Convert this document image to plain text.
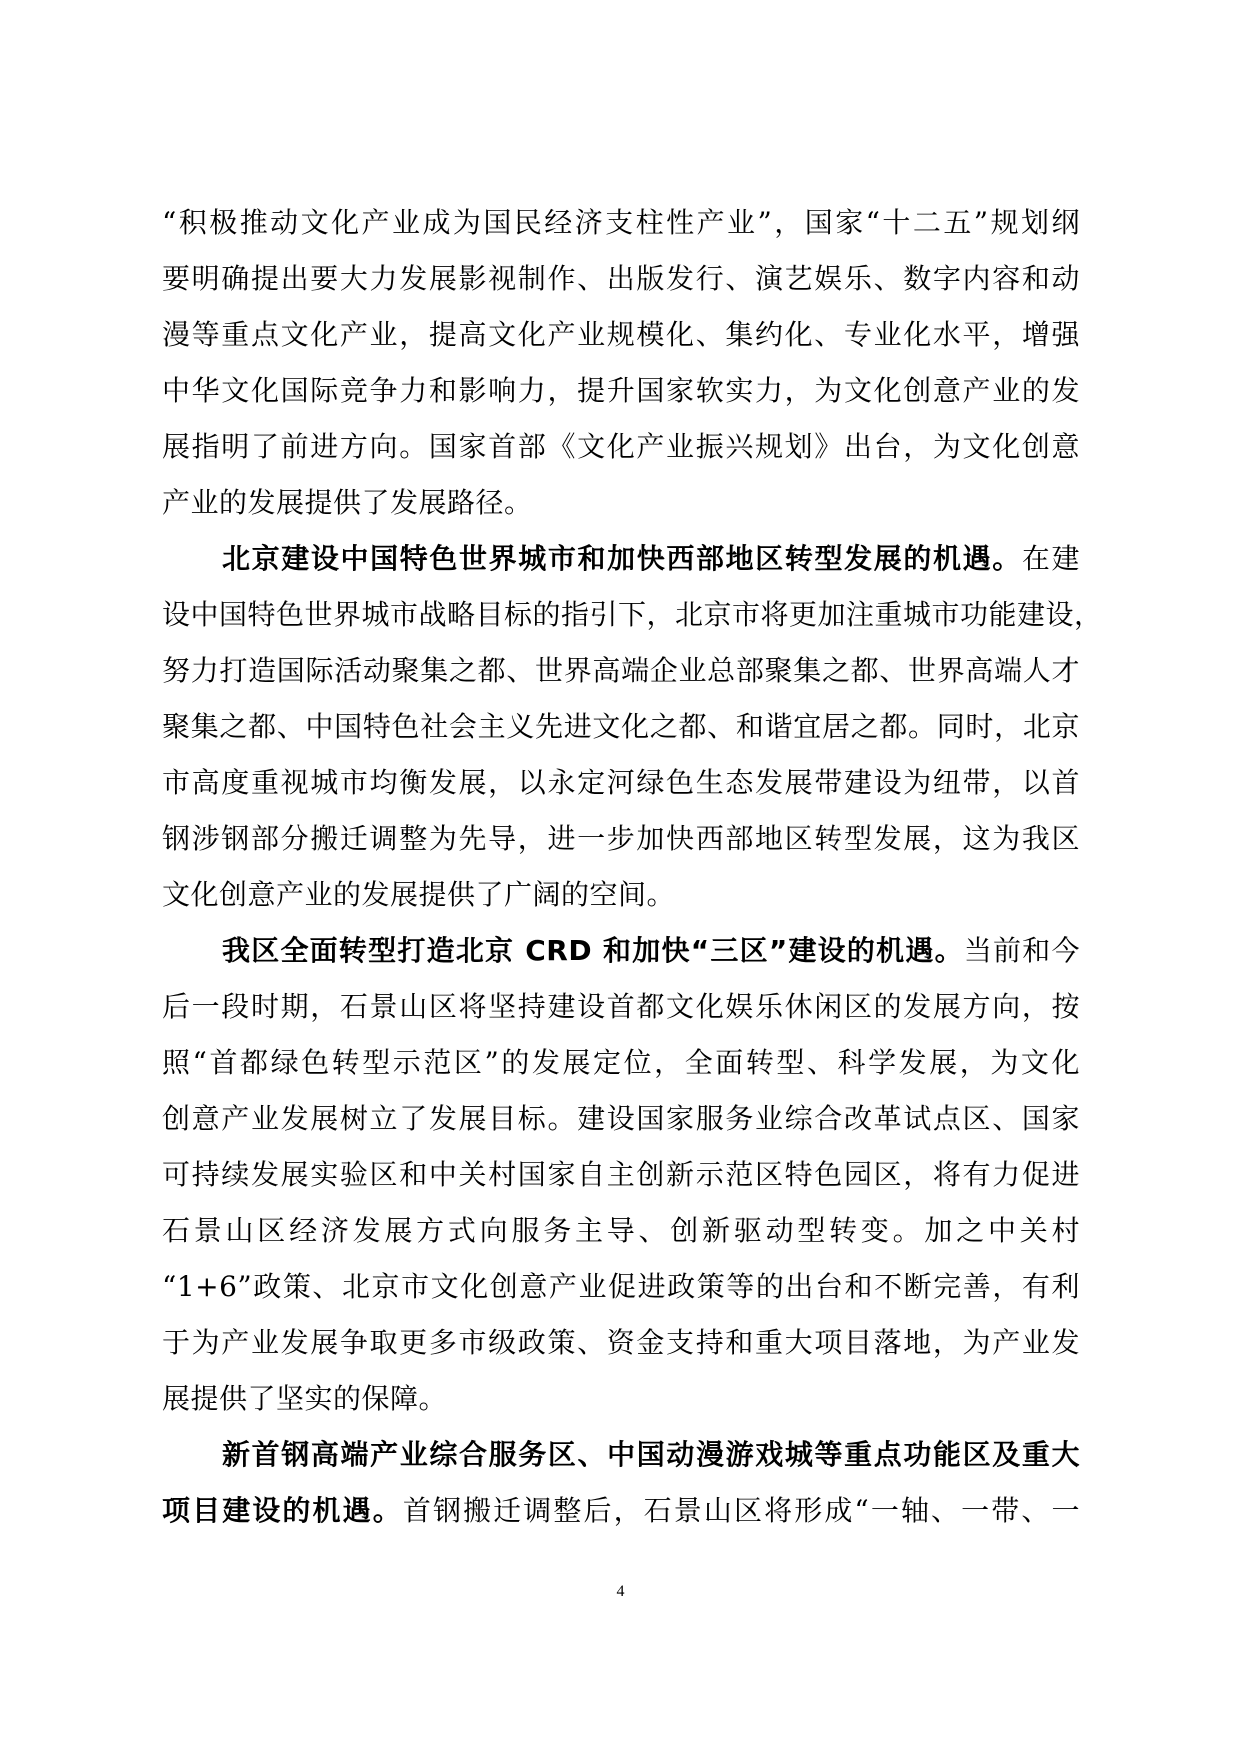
“积极推动文化产业成为国民经济支柱性产业”，国家“十二五”规划纲
要明确提出要大力发展影视制作、出版发行、演艺娱乐、数字内容和动
漫等重点文化产业，提高文化产业规模化、集约化、专业化水平，增强
中华文化国际竞争力和影响力，提升国家软实力，为文化创意产业的发
展指明了前进方向。国家首部《文化产业振兴规划》出台，为文化创意
产业的发展提供了发展路径。
北京建设中国特色世界城市和加快西部地区转型发展的机遇。在建
设中国特色世界城市战略目标的指引下，北京市将更加注重城市功能建设，
努力打造国际活动聚集之都、世界高端企业总部聚集之都、世界高端人才
聚集之都、中国特色社会主义先进文化之都、和谐宜居之都。同时，北京
市高度重视城市均衡发展，以永定河绿色生态发展带建设为纽带，以首
钢涉钢部分搬迁调整为先导，进一步加快西部地区转型发展，这为我区
文化创意产业的发展提供了广阔的空间。
我区全面转型打造北京 CRD 和加快“三区”建设的机遇。当前和今
后一段时期，石景山区将坚持建设首都文化娱乐休闲区的发展方向，按
照“首都绿色转型示范区”的发展定位，全面转型、科学发展，为文化
创意产业发展树立了发展目标。建设国家服务业综合改革试点区、国家
可持续发展实验区和中关村国家自主创新示范区特色园区，将有力促进
石景山区经济发展方式向服务主导、创新驱动型转变。加之中关村
“1+6”政策、北京市文化创意产业促进政策等的出台和不断完善，有利
于为产业发展争取更多市级政策、资金支持和重大项目落地，为产业发
展提供了坚实的保障。
新首钢高端产业综合服务区、中国动漫游戏城等重点功能区及重大
项目建设的机遇。首钢搬迁调整后，石景山区将形成“一轴、一带、一
4
